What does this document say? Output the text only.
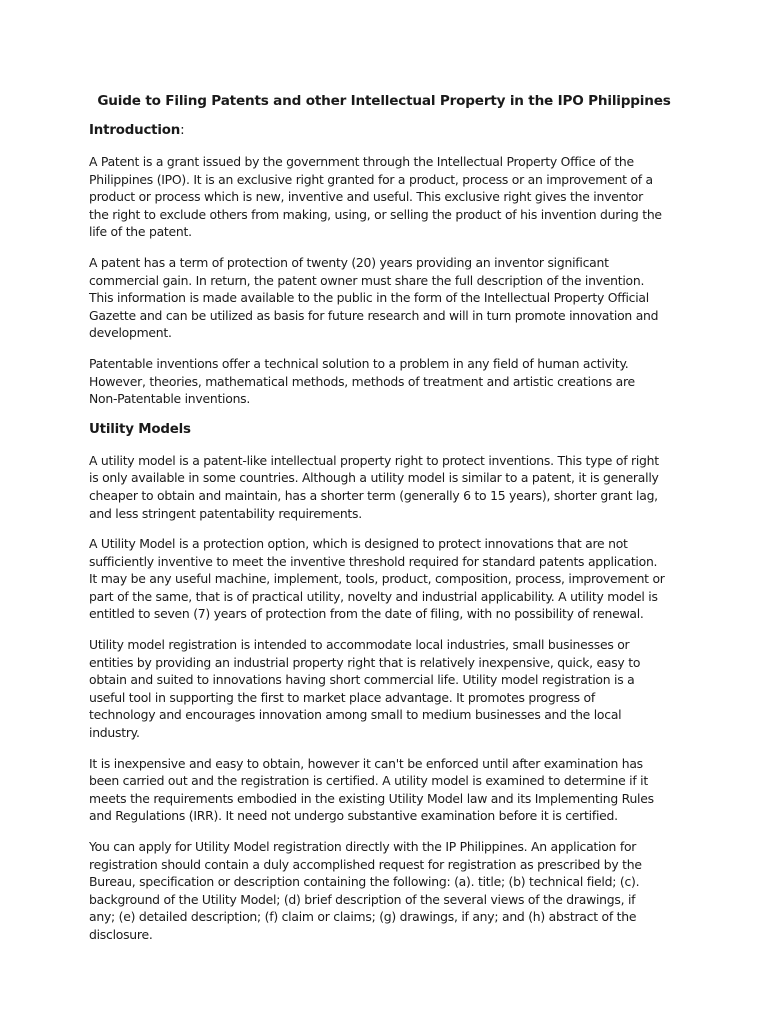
Guide to Filing Patents and other Intellectual Property in the IPO Philippines
Introduction:

A Patent is a grant issued by the government through the Intellectual Property Office of the
Philippines (IPO). It is an exclusive right granted for a product, process or an improvement of a
product or process which is new, inventive and useful. This exclusive right gives the inventor
the right to exclude others from making, using, or selling the product of his invention during the
life of the patent.

A patent has a term of protection of twenty (20) years providing an inventor significant
commercial gain. In return, the patent owner must share the full description of the invention.
This information is made available to the public in the form of the Intellectual Property Official
Gazette and can be utilized as basis for future research and will in turn promote innovation and
development.

Patentable inventions offer a technical solution to a problem in any field of human activity.
However, theories, mathematical methods, methods of treatment and artistic creations are
Non-Patentable inventions.

Utility Models

A utility model is a patent-like intellectual property right to protect inventions. This type of right
is only available in some countries. Although a utility model is similar to a patent, it is generally
cheaper to obtain and maintain, has a shorter term (generally 6 to 15 years), shorter grant lag,
and less stringent patentability requirements.

A Utility Model is a protection option, which is designed to protect innovations that are not
sufficiently inventive to meet the inventive threshold required for standard patents application.
It may be any useful machine, implement, tools, product, composition, process, improvement or
part of the same, that is of practical utility, novelty and industrial applicability. A utility model is
entitled to seven (7) years of protection from the date of filing, with no possibility of renewal.

Utility model registration is intended to accommodate local industries, small businesses or
entities by providing an industrial property right that is relatively inexpensive, quick, easy to
obtain and suited to innovations having short commercial life. Utility model registration is a
useful tool in supporting the first to market place advantage. It promotes progress of
technology and encourages innovation among small to medium businesses and the local
industry.

It is inexpensive and easy to obtain, however it can't be enforced until after examination has
been carried out and the registration is certified. A utility model is examined to determine if it
meets the requirements embodied in the existing Utility Model law and its Implementing Rules
and Regulations (IRR). It need not undergo substantive examination before it is certified.

You can apply for Utility Model registration directly with the IP Philippines. An application for
registration should contain a duly accomplished request for registration as prescribed by the
Bureau, specification or description containing the following: (a). title; (b) technical field; (c).
background of the Utility Model; (d) brief description of the several views of the drawings, if
any; (e) detailed description; (f) claim or claims; (g) drawings, if any; and (h) abstract of the
disclosure.
